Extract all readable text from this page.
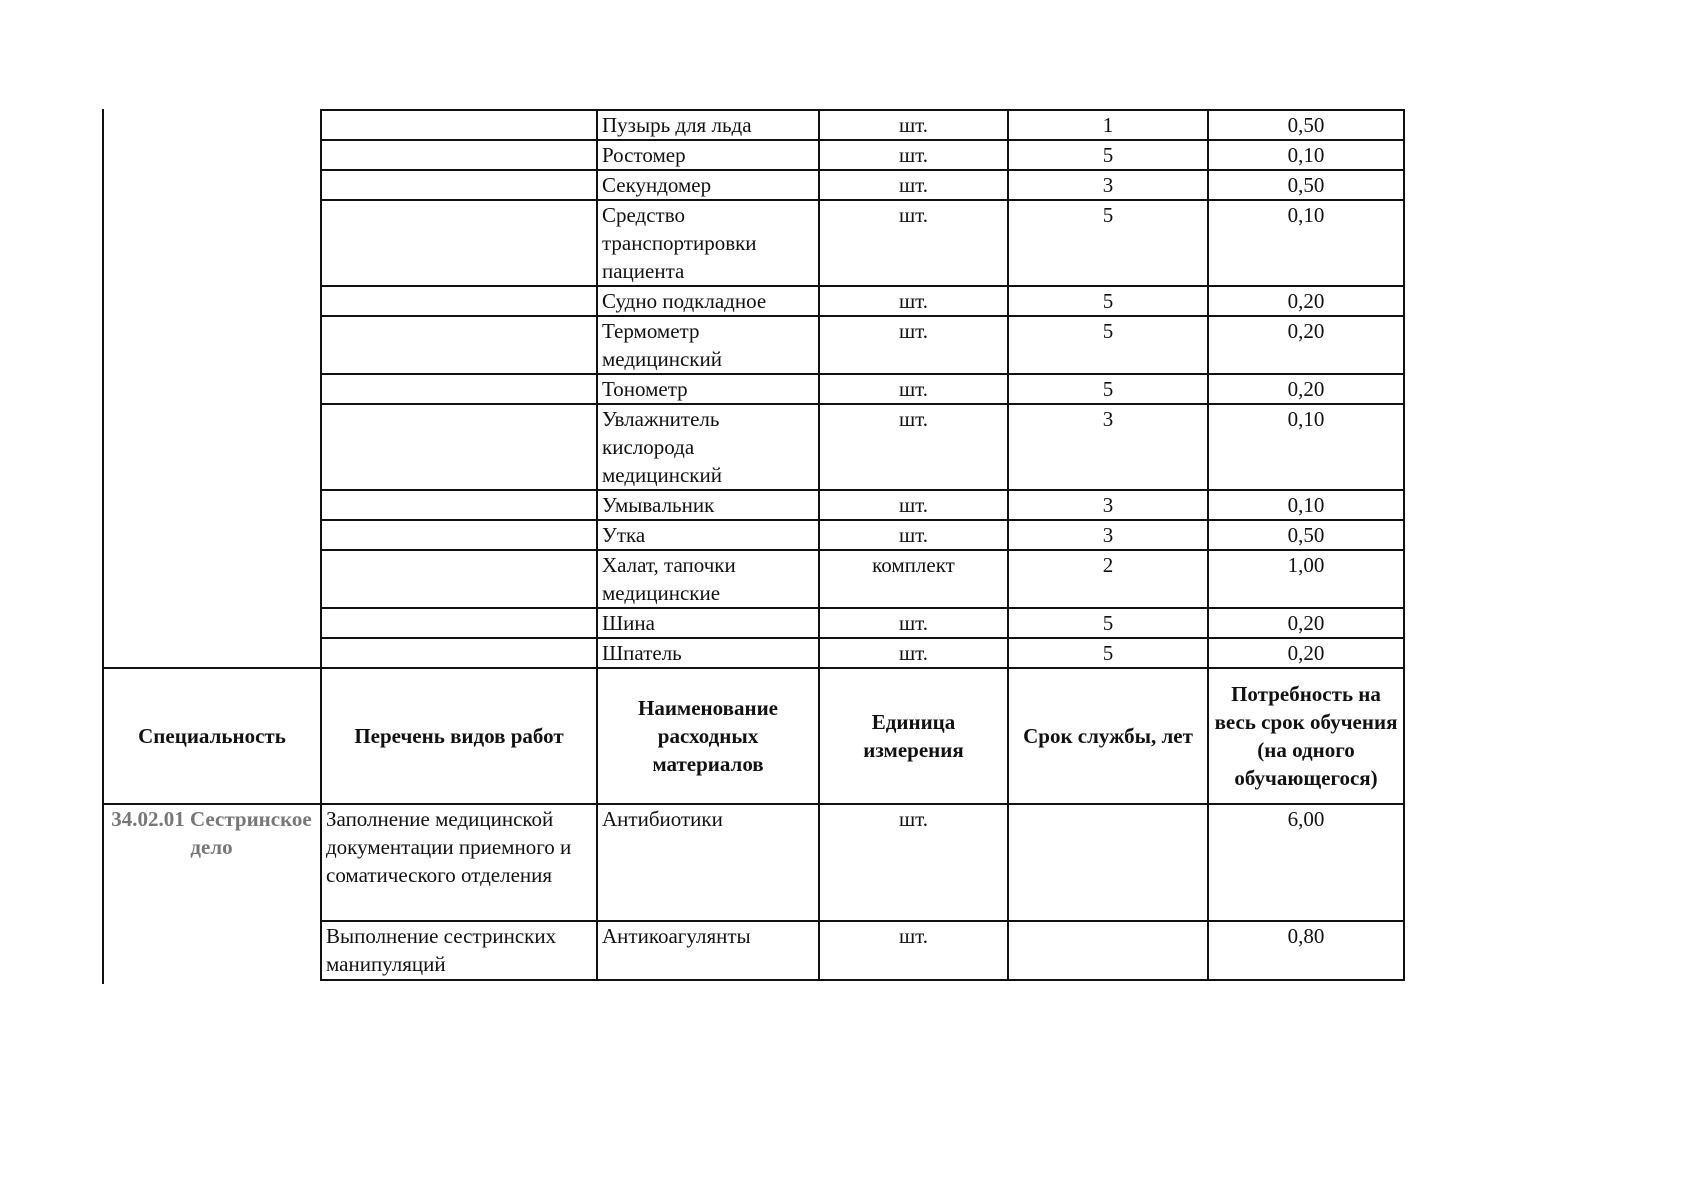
		Пузырь для льда	шт.	1	0,50
		Ростомер	шт.	5	0,10
		Секундомер	шт.	3	0,50
		Средство транспортировки пациента	шт.	5	0,10
		Судно подкладное	шт.	5	0,20
		Термометр медицинский	шт.	5	0,20
		Тонометр	шт.	5	0,20
		Увлажнитель кислорода медицинский	шт.	3	0,10
		Умывальник	шт.	3	0,10
		Утка	шт.	3	0,50
		Халат, тапочки медицинские	комплект	2	1,00
		Шина	шт.	5	0,20
		Шпатель	шт.	5	0,20
Специальность	Перечень видов работ	Наименование расходных материалов	Единица измерения	Срок службы, лет	Потребность на весь срок обучения (на одного обучающегося)
34.02.01 Сестринское дело	Заполнение медицинской документации приемного и соматического отделения	Антибиотики	шт.		6,00
	Выполнение сестринских манипуляций	Антикоагулянты	шт.		0,80
